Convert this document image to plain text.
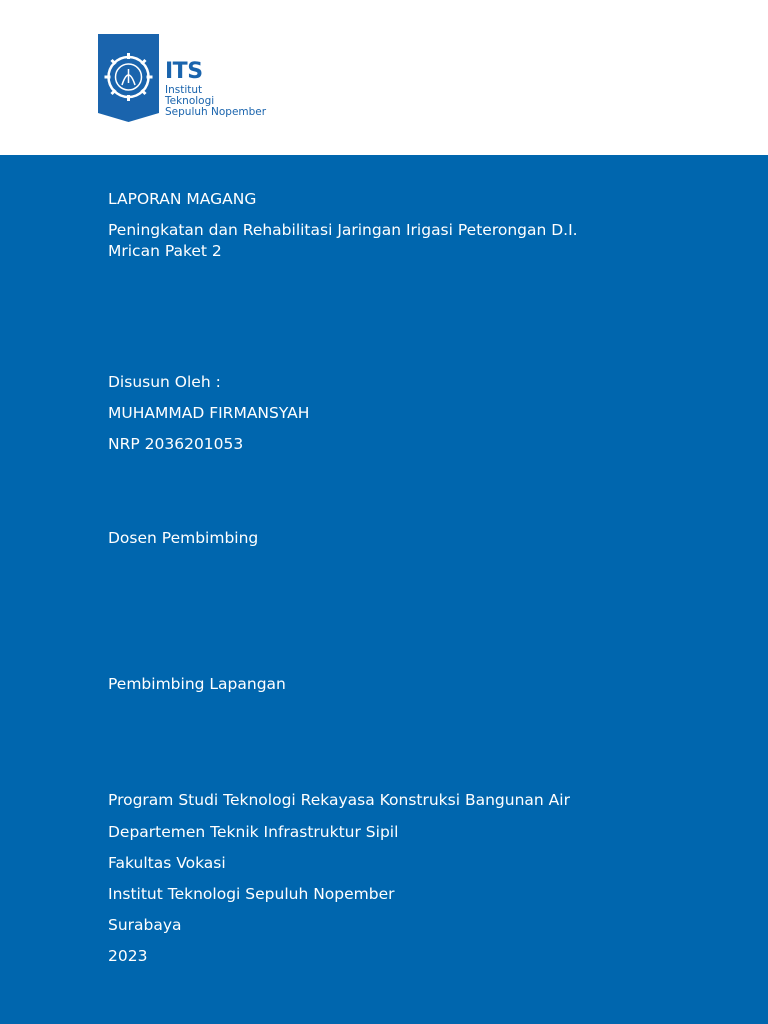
ITS
Institut
Teknologi
Sepuluh Nopember
LAPORAN MAGANG
Peningkatan dan Rehabilitasi Jaringan Irigasi Peterongan D.I.
Mrican Paket 2
Disusun Oleh :
MUHAMMAD FIRMANSYAH
NRP 2036201053
Dosen Pembimbing
Pembimbing Lapangan
Program Studi Teknologi Rekayasa Konstruksi Bangunan Air
Departemen Teknik Infrastruktur Sipil
Fakultas Vokasi
Institut Teknologi Sepuluh Nopember
Surabaya
2023
